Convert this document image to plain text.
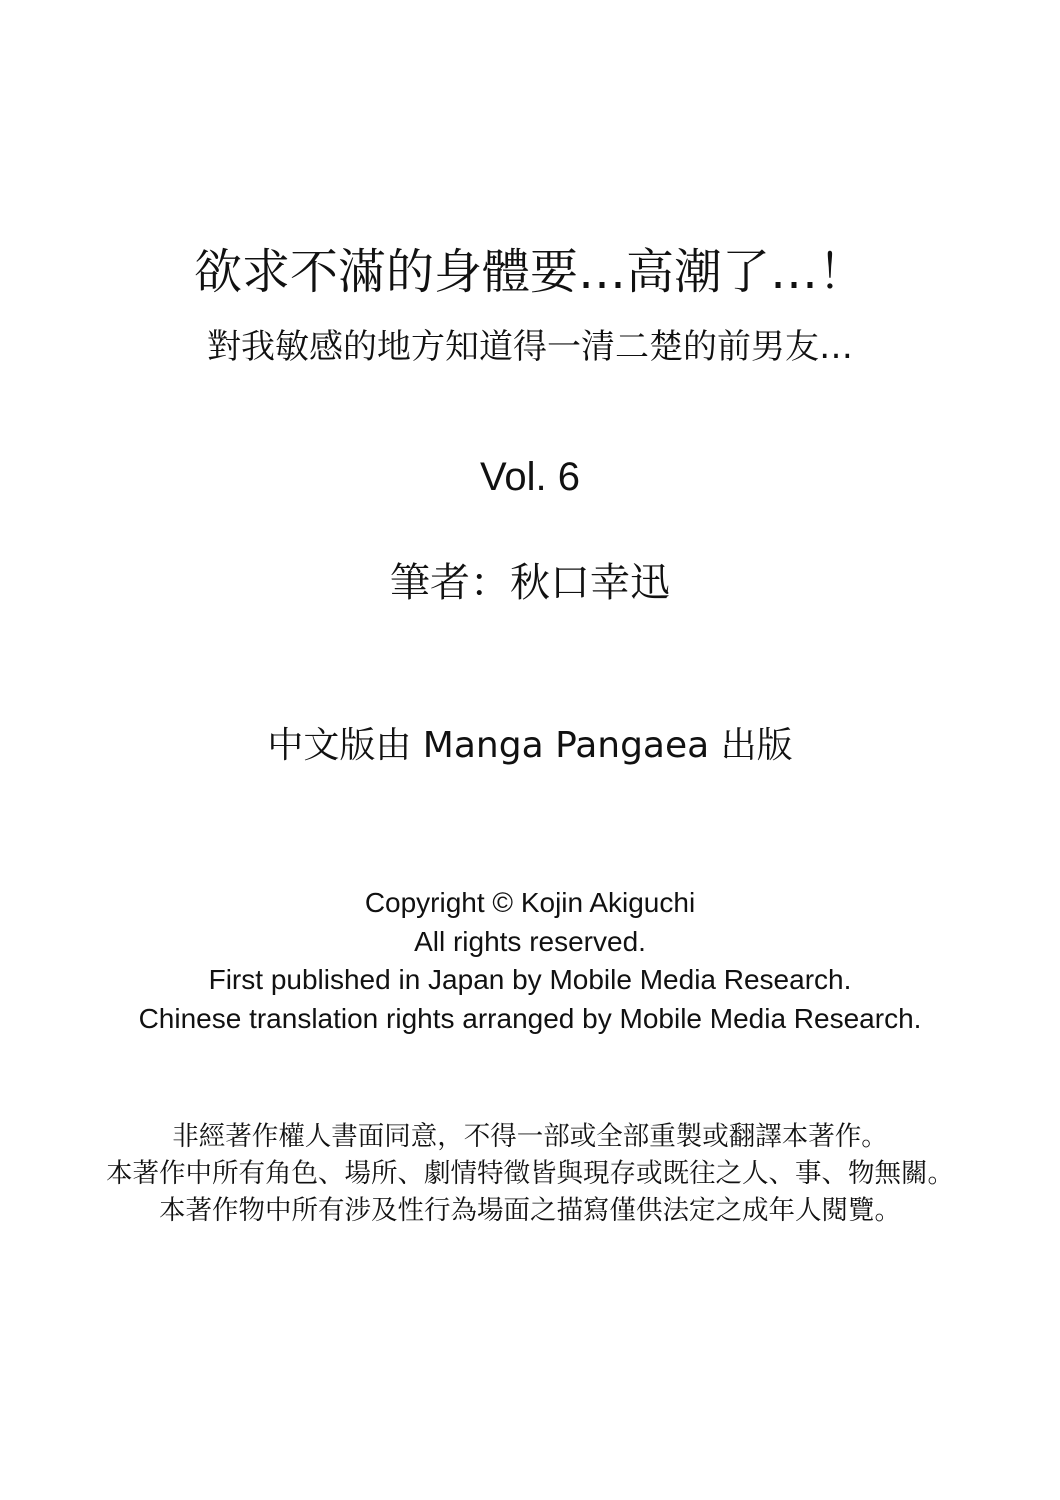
欲求不滿的身體要…高潮了…！
對我敏感的地方知道得一清二楚的前男友…
Vol. 6
筆者：秋口幸迅
中文版由 Manga Pangaea 出版
Copyright © Kojin Akiguchi
All rights reserved.
First published in Japan by Mobile Media Research.
Chinese translation rights arranged by Mobile Media Research.
非經著作權人書面同意，不得一部或全部重製或翻譯本著作。
本著作中所有角色、場所、劇情特徵皆與現存或既往之人、事、物無關。
本著作物中所有涉及性行為場面之描寫僅供法定之成年人閱覽。
